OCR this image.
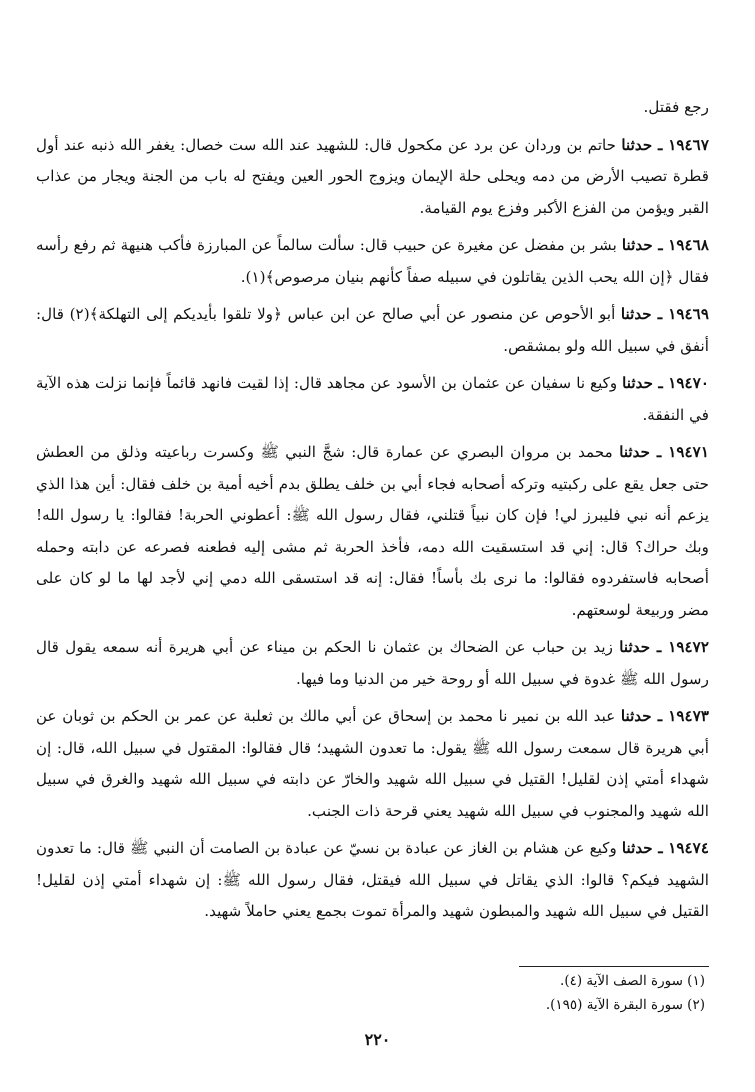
رجع فقتل.

١٩٤٦٧ ـ حدثنا حاتم بن وردان عن برد عن مكحول قال: للشهيد عند الله ست خصال: يغفر الله ذنبه عند أول قطرة تصيب الأرض من دمه ويحلى حلة الإيمان ويزوج الحور العين ويفتح له باب من الجنة ويجار من عذاب القبر ويؤمن من الفزع الأكبر وفزع يوم القيامة.

١٩٤٦٨ ـ حدثنا بشر بن مفضل عن مغيرة عن حبيب قال: سألت سالماً عن المبارزة فأكب هنيهة ثم رفع رأسه فقال ﴿إن الله يحب الذين يقاتلون في سبيله صفاً كأنهم بنيان مرصوص﴾(١).

١٩٤٦٩ ـ حدثنا أبو الأحوص عن منصور عن أبي صالح عن ابن عباس ﴿ولا تلقوا بأيديكم إلى التهلكة﴾(٢) قال: أنفق في سبيل الله ولو بمشقص.

١٩٤٧٠ ـ حدثنا وكيع نا سفيان عن عثمان بن الأسود عن مجاهد قال: إذا لقيت فانهد قائماً فإنما نزلت هذه الآية في النفقة.

١٩٤٧١ ـ حدثنا محمد بن مروان البصري عن عمارة قال: شجَّ النبي ﷺ وكسرت رباعيته وذلق من العطش حتى جعل يقع على ركبتيه وتركه أصحابه فجاء أبي بن خلف يطلق بدم أخيه أمية بن خلف فقال: أين هذا الذي يزعم أنه نبي فليبرز لي! فإن كان نبياً قتلني، فقال رسول الله ﷺ: أعطوني الحربة! فقالوا: يا رسول الله! وبك حراك؟ قال: إني قد استسقيت الله دمه، فأخذ الحربة ثم مشى إليه فطعنه فصرعه عن دابته وحمله أصحابه فاستفردوه فقالوا: ما نرى بك بأساً! فقال: إنه قد استسقى الله دمي إني لأجد لها ما لو كان على مضر وربيعة لوسعتهم.

١٩٤٧٢ ـ حدثنا زيد بن حباب عن الضحاك بن عثمان نا الحكم بن ميناء عن أبي هريرة أنه سمعه يقول قال رسول الله ﷺ غدوة في سبيل الله أو روحة خير من الدنيا وما فيها.

١٩٤٧٣ ـ حدثنا عبد الله بن نمير نا محمد بن إسحاق عن أبي مالك بن ثعلبة عن عمر بن الحكم بن ثوبان عن أبي هريرة قال سمعت رسول الله ﷺ يقول: ما تعدون الشهيد؛ قال فقالوا: المقتول في سبيل الله، قال: إن شهداء أمتي إذن لقليل! القتيل في سبيل الله شهيد والخارّ عن دابته في سبيل الله شهيد والغرق في سبيل الله شهيد والمجنوب في سبيل الله شهيد يعني قرحة ذات الجنب.

١٩٤٧٤ ـ حدثنا وكيع عن هشام بن الغاز عن عبادة بن نسيّ عن عبادة بن الصامت أن النبي ﷺ قال: ما تعدون الشهيد فيكم؟ قالوا: الذي يقاتل في سبيل الله فيقتل، فقال رسول الله ﷺ: إن شهداء أمتي إذن لقليل! القتيل في سبيل الله شهيد والمبطون شهيد والمرأة تموت بجمع يعني حاملاً شهيد.

(١) سورة الصف الآية (٤).
(٢) سورة البقرة الآية (١٩٥).
٢٢٠
